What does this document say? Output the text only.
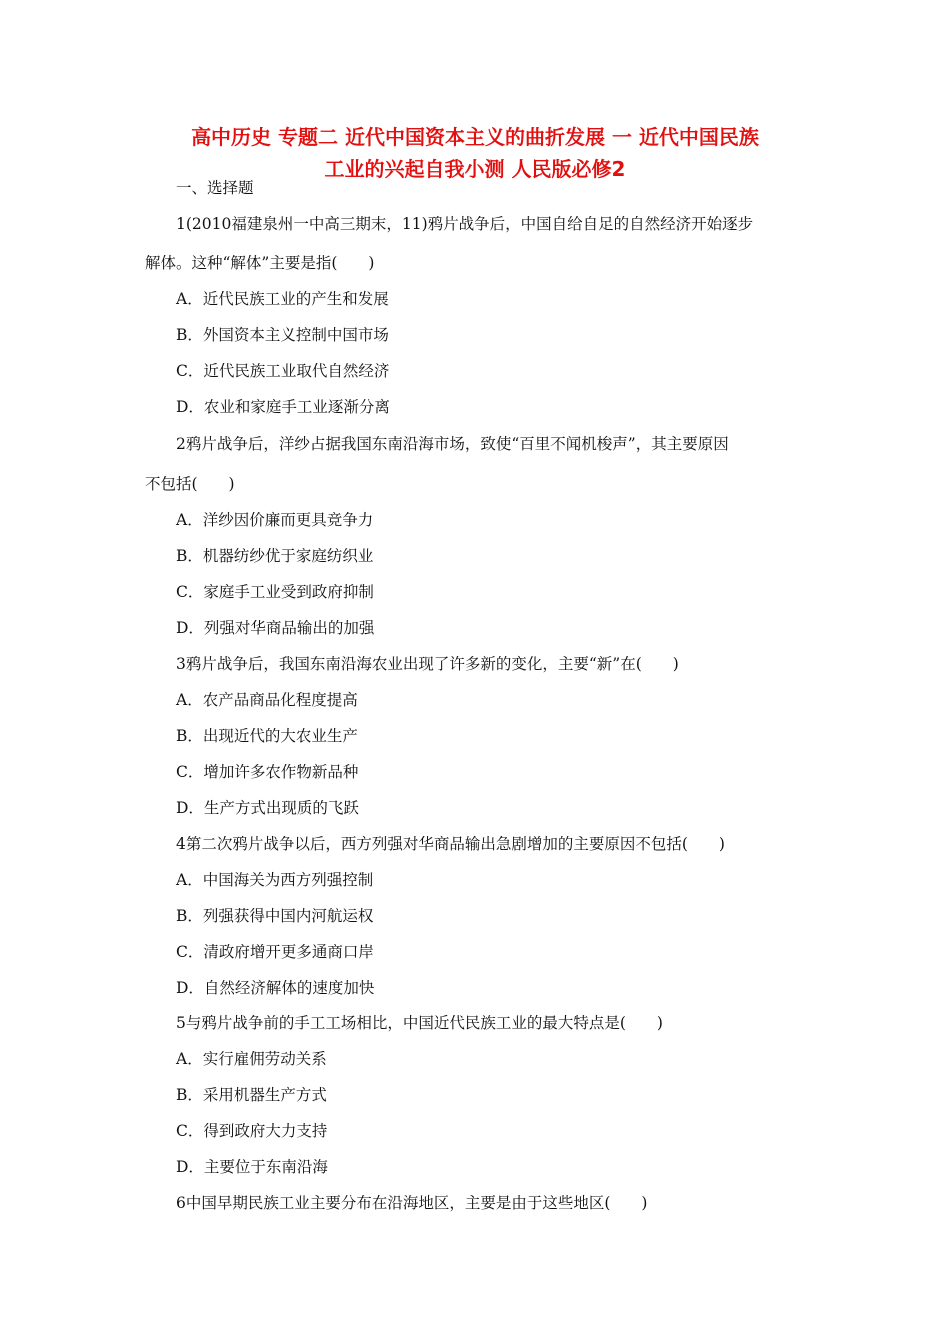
高中历史 专题二 近代中国资本主义的曲折发展 一 近代中国民族
工业的兴起自我小测 人民版必修2
一、选择题
1(2010福建泉州一中高三期末，11)鸦片战争后，中国自给自足的自然经济开始逐步
解体。这种“解体”主要是指(　　)
A．近代民族工业的产生和发展
B．外国资本主义控制中国市场
C．近代民族工业取代自然经济
D．农业和家庭手工业逐渐分离
2鸦片战争后，洋纱占据我国东南沿海市场，致使“百里不闻机梭声”，其主要原因
不包括(　　)
A．洋纱因价廉而更具竞争力
B．机器纺纱优于家庭纺织业
C．家庭手工业受到政府抑制
D．列强对华商品输出的加强
3鸦片战争后，我国东南沿海农业出现了许多新的变化，主要“新”在(　　)
A．农产品商品化程度提高
B．出现近代的大农业生产
C．增加许多农作物新品种
D．生产方式出现质的飞跃
4第二次鸦片战争以后，西方列强对华商品输出急剧增加的主要原因不包括(　　)
A．中国海关为西方列强控制
B．列强获得中国内河航运权
C．清政府增开更多通商口岸
D．自然经济解体的速度加快
5与鸦片战争前的手工工场相比，中国近代民族工业的最大特点是(　　)
A．实行雇佣劳动关系
B．采用机器生产方式
C．得到政府大力支持
D．主要位于东南沿海
6中国早期民族工业主要分布在沿海地区，主要是由于这些地区(　　)
